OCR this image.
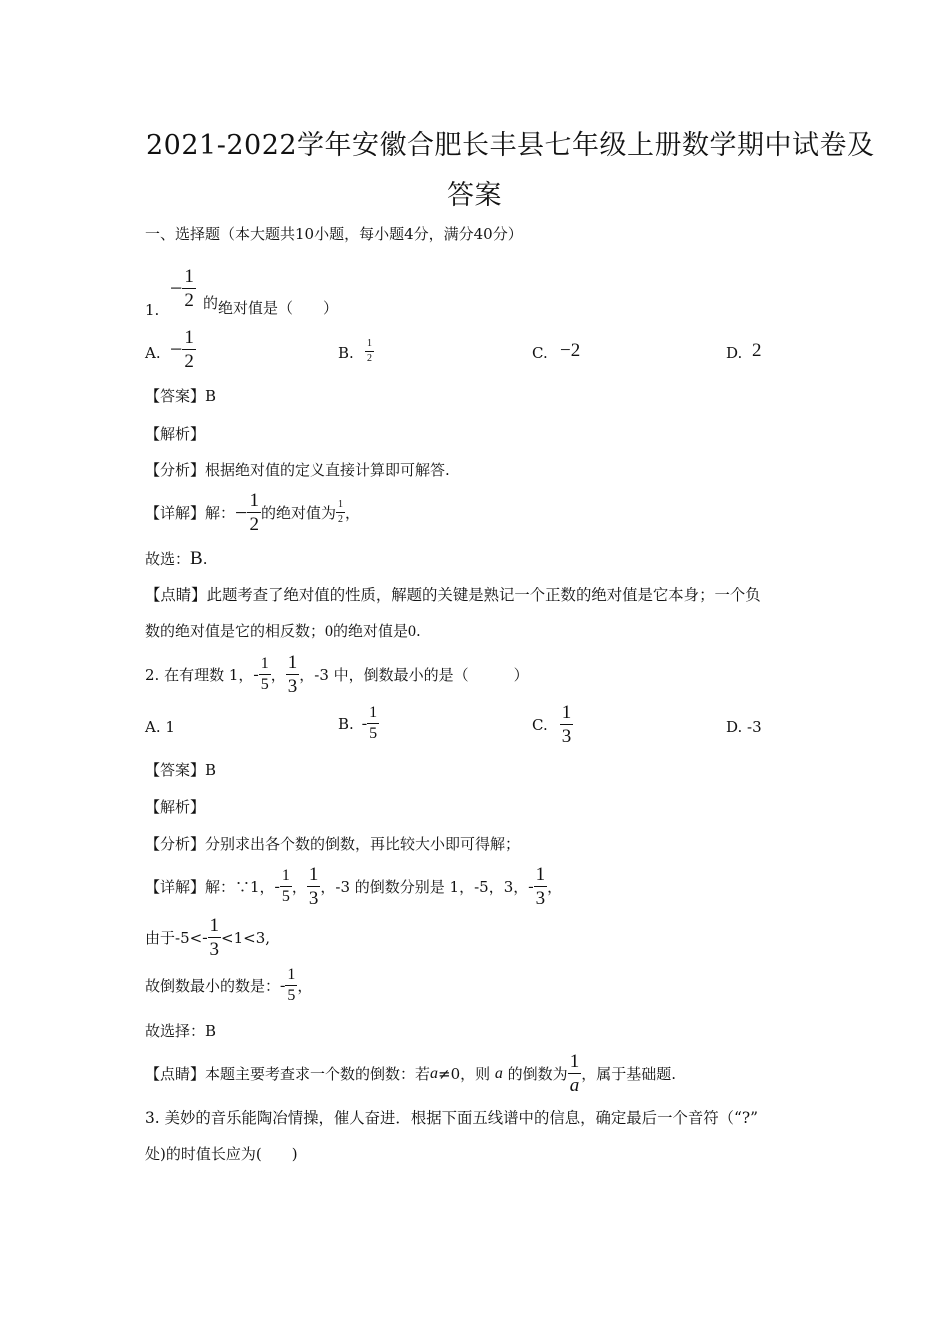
2021-2022学年安徽合肥长丰县七年级上册数学期中试卷及
答案
一、选择题（本大题共10小题，每小题4分，满分40分）
− $\frac{1}{2}$ 的
1.	绝对值是（　　）
A. − $\frac{1}{2}$	B. $\frac{1}{2}$	C. −2	D. 2
【答案】B
【解析】
【分析】根据绝对值的定义直接计算即可解答.
【详解】解： − $\frac{1}{2}$ 的绝对值为 $\frac{1}{2}$ ，
故选：B.
【点睛】此题考查了绝对值的性质，解题的关键是熟记一个正数的绝对值是它本身；一个负
数的绝对值是它的相反数；0的绝对值是0.
2. 在有理数 1， - $\frac{1}{5}$ ， $\frac{1}{3}$ ，-3 中，倒数最小的是（　　　）
A. 1	B. - $\frac{1}{5}$	C. $\frac{1}{3}$	D. -3
【答案】B
【解析】
【分析】分别求出各个数的倒数，再比较大小即可得解；
【详解】解：∵1， - $\frac{1}{5}$ ， $\frac{1}{3}$ ，-3 的倒数分别是 1，-5，3， - $\frac{1}{3}$ ，
由于$-5< - \frac{1}{3} <1<3$,
故倒数最小的数是： - $\frac{1}{5}$ ，
故选择：B
【点睛】本题主要考查求一个数的倒数：若 a ≠0，则 a 的倒数为 $\frac{1}{a}$ ，属于基础题.
3. 美妙的音乐能陶冶情操，催人奋进．根据下面五线谱中的信息，确定最后一个音符（“?”
处)的时值长应为(　　)
